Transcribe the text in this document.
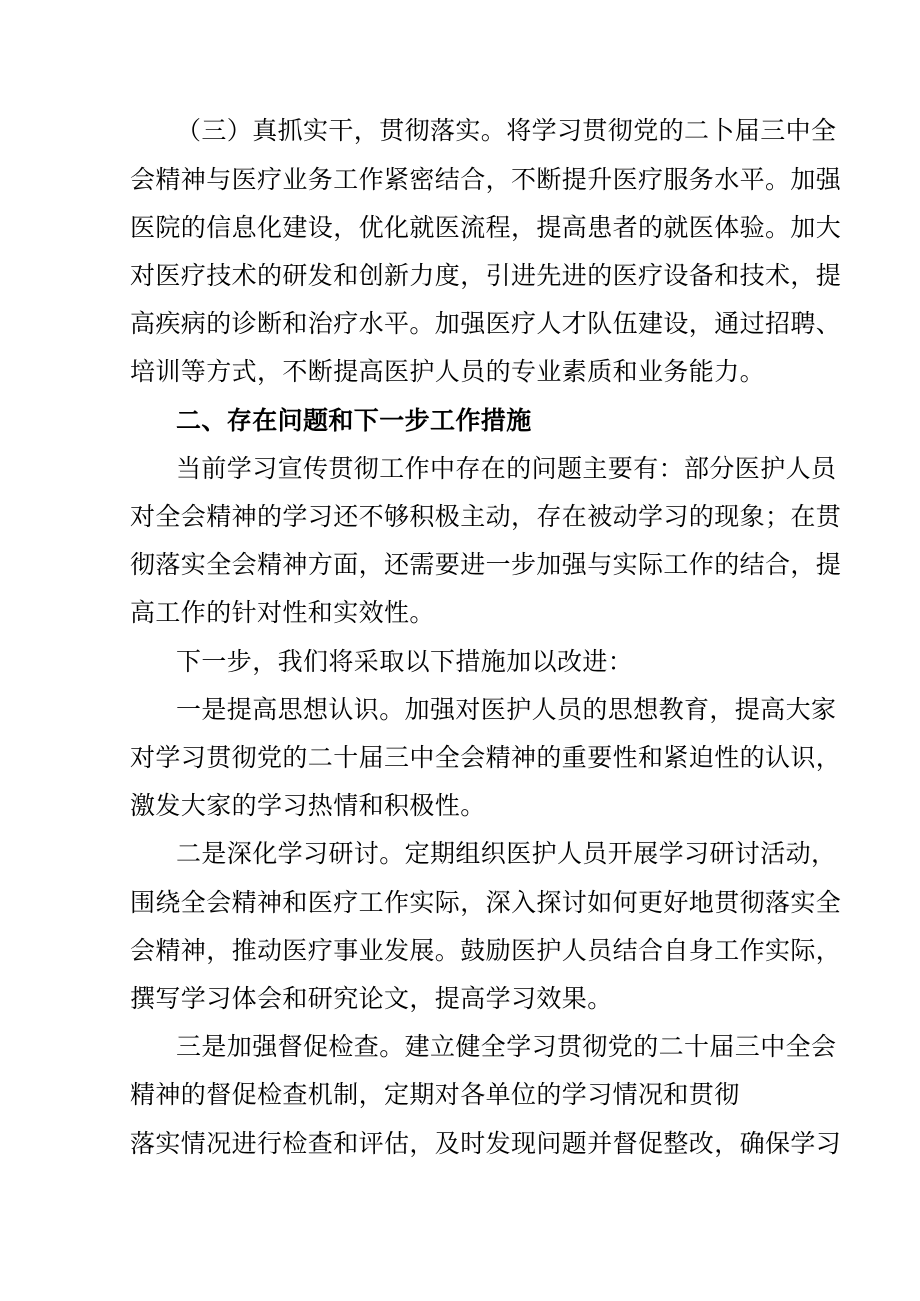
（三）真抓实干，贯彻落实。将学习贯彻党的二卜届三中全
会精神与医疗业务工作紧密结合，不断提升医疗服务水平。加强
医院的信息化建设，优化就医流程，提高患者的就医体验。加大
对医疗技术的研发和创新力度，引进先进的医疗设备和技术，提
高疾病的诊断和治疗水平。加强医疗人才队伍建设，通过招聘、
培训等方式，不断提高医护人员的专业素质和业务能力。
二、存在问题和下一步工作措施
当前学习宣传贯彻工作中存在的问题主要有：部分医护人员
对全会精神的学习还不够积极主动，存在被动学习的现象；在贯
彻落实全会精神方面，还需要进一步加强与实际工作的结合，提
高工作的针对性和实效性。
下一步，我们将采取以下措施加以改进：
一是提高思想认识。加强对医护人员的思想教育，提高大家
对学习贯彻党的二十届三中全会精神的重要性和紧迫性的认识，
激发大家的学习热情和积极性。
二是深化学习研讨。定期组织医护人员开展学习研讨活动，
围绕全会精神和医疗工作实际，深入探讨如何更好地贯彻落实全
会精神，推动医疗事业发展。鼓励医护人员结合自身工作实际，
撰写学习体会和研究论文，提高学习效果。
三是加强督促检查。建立健全学习贯彻党的二十届三中全会
精神的督促检查机制，定期对各单位的学习情况和贯彻
落实情况进行检查和评估，及时发现问题并督促整改，确保学习
